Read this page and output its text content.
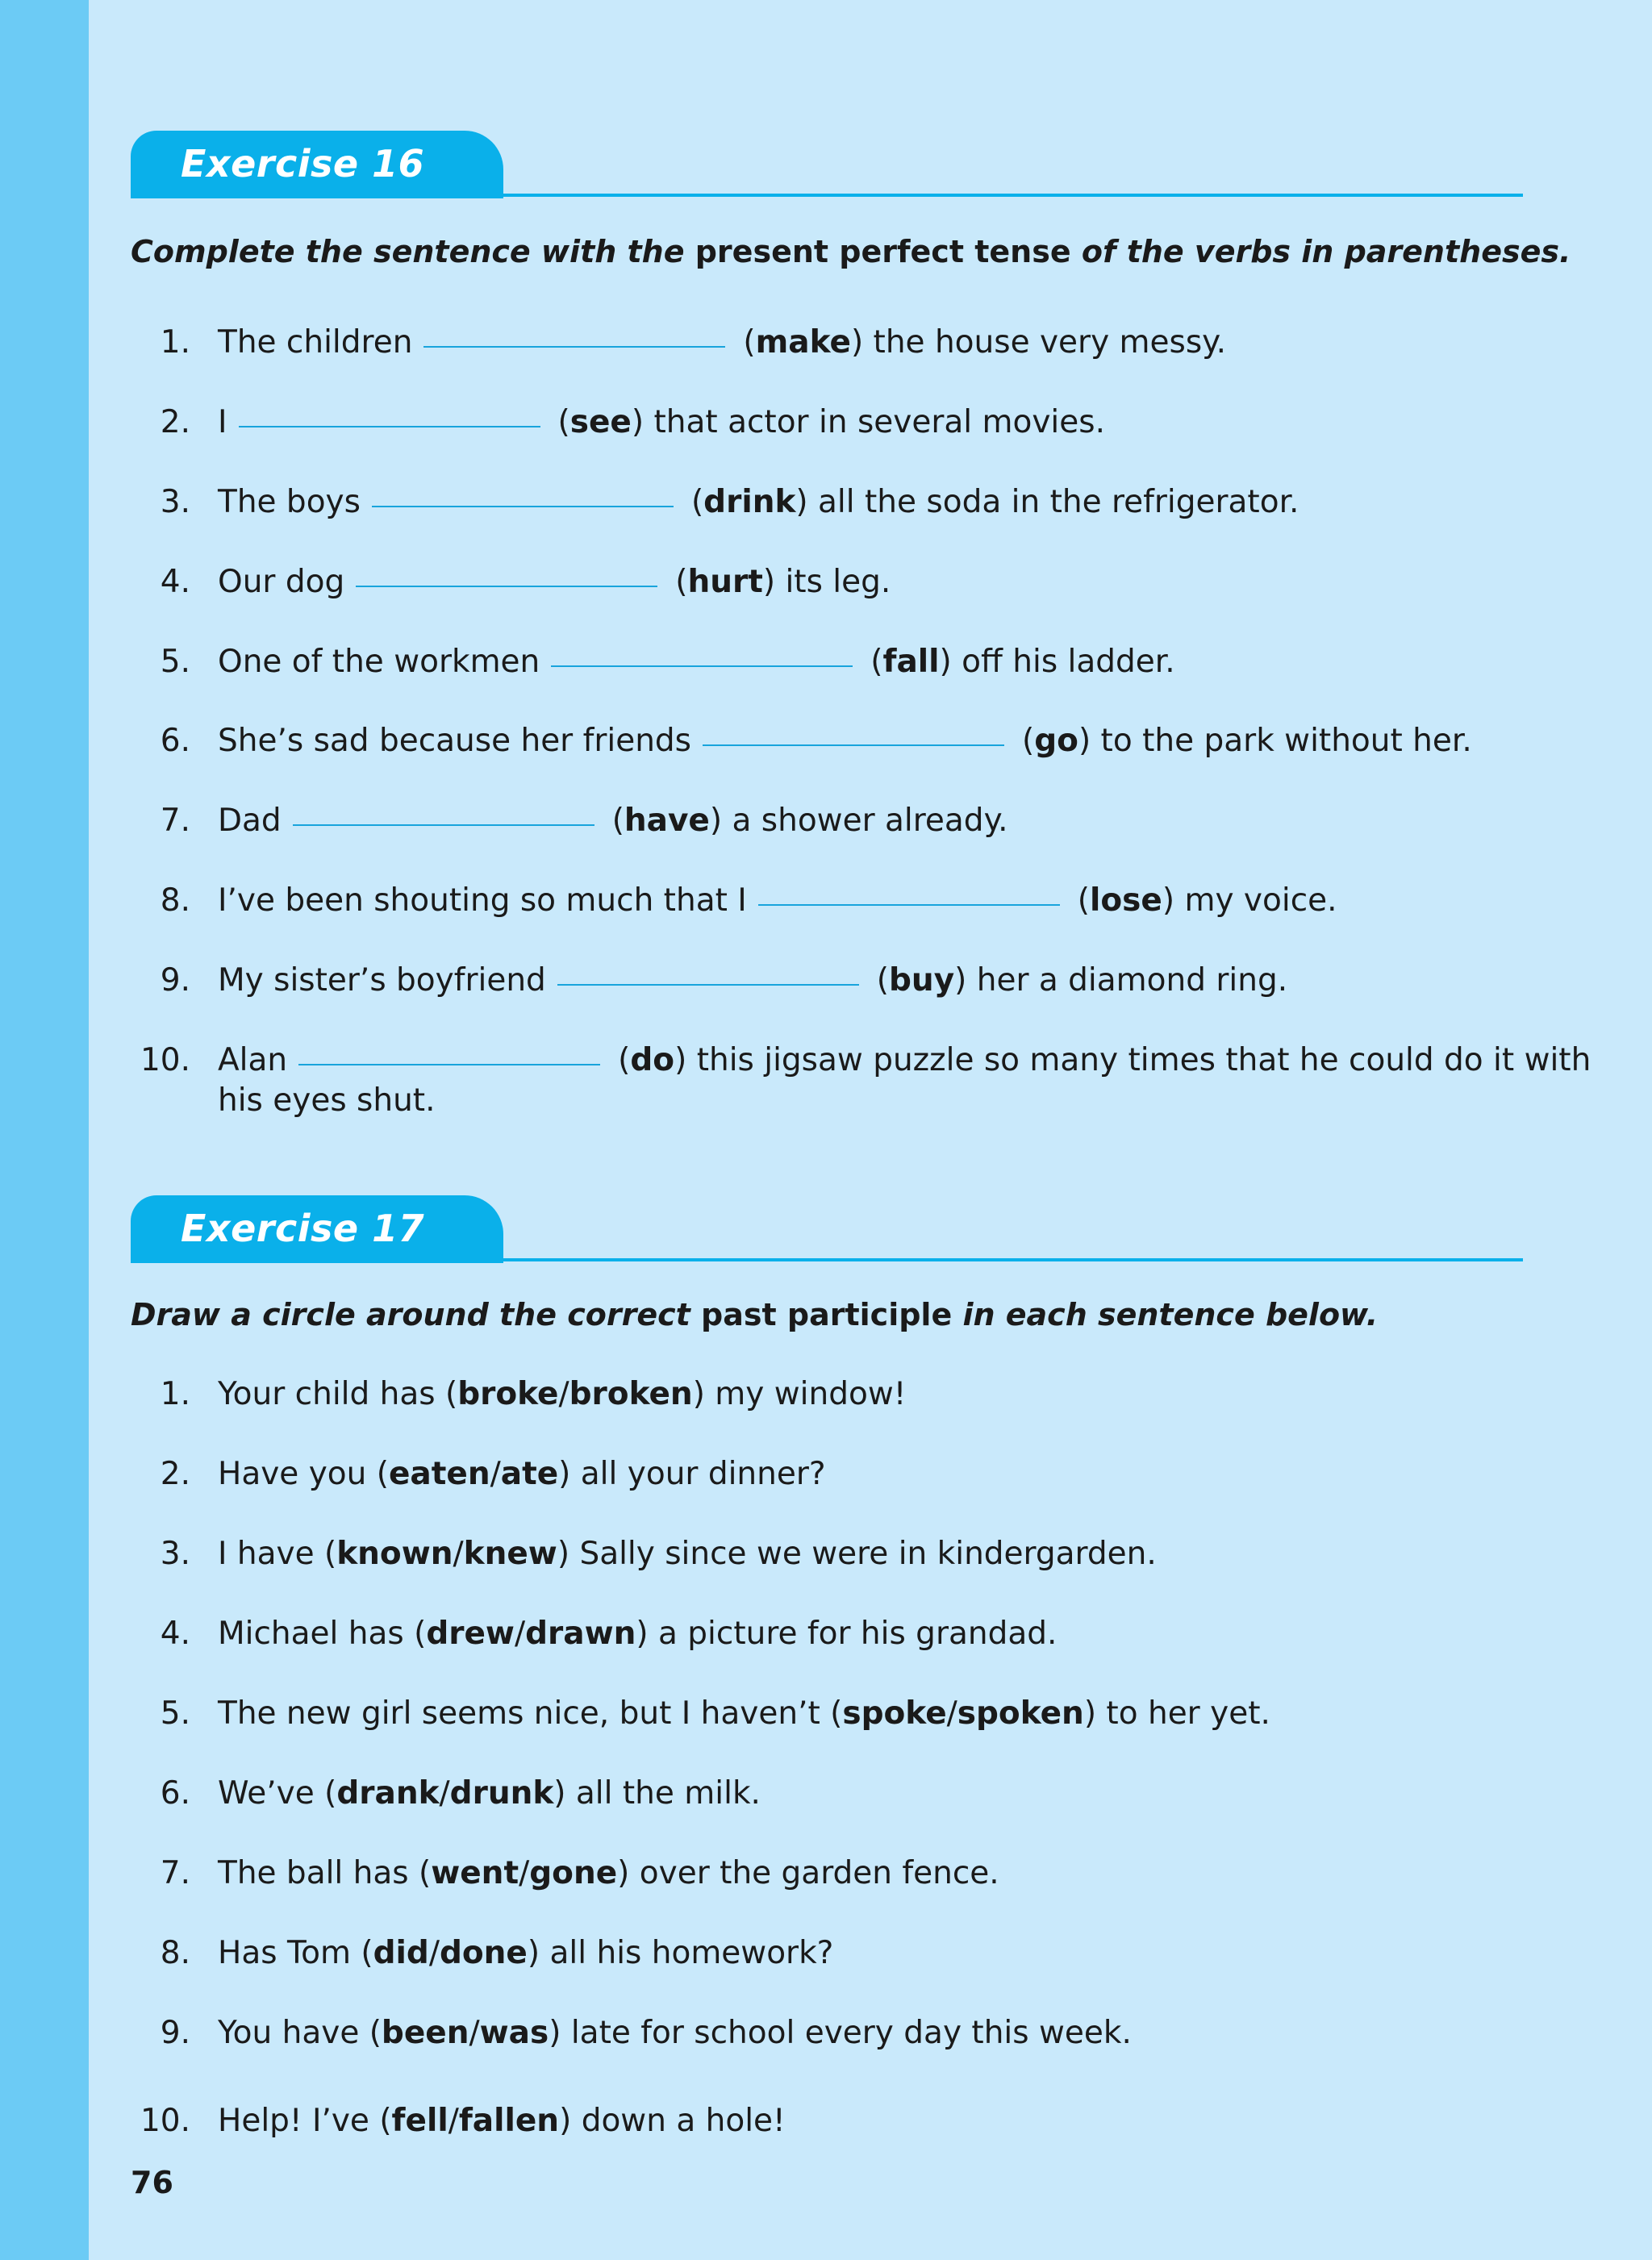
Exercise 16
Complete the sentence with the present perfect tense of the verbs in parentheses.
1. The children	(make) the house very messy.
2. I	(see) that actor in several movies.
3. The boys	(drink) all the soda in the refrigerator.
4. Our dog	(hurt) its leg.
5. One of the workmen	(fall) off his ladder.
6. She’s sad because her friends	(go) to the park without her.
7. Dad	(have) a shower already.
8. I’ve been shouting so much that I	(lose) my voice.
9. My sister’s boyfriend	(buy) her a diamond ring.
10. Alan	(do) this jigsaw puzzle so many times that he could do it with
his eyes shut.
Exercise 17
Draw a circle around the correct past participle in each sentence below.
1. Your child has (broke/broken) my window!
2. Have you (eaten/ate) all your dinner?
3. I have (known/knew) Sally since we were in kindergarden.
4. Michael has (drew/drawn) a picture for his grandad.
5. The new girl seems nice, but I haven’t (spoke/spoken) to her yet.
6. We’ve (drank/drunk) all the milk.
7. The ball has (went/gone) over the garden fence.
8. Has Tom (did/done) all his homework?
9. You have (been/was) late for school every day this week.
10. Help! I’ve (fell/fallen) down a hole!
76
